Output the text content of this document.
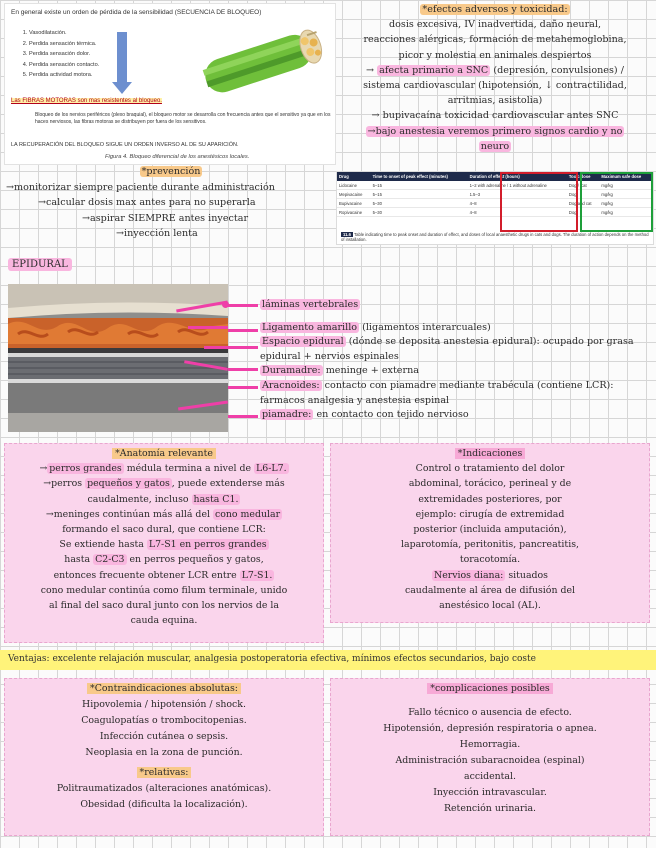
En general existe un orden de pérdida de la sensibilidad (SECUENCIA DE BLOQUEO)
1. Vasodilatación.
2. Perdida sensación térmica.
3. Perdida sensación dolor.
4. Perdida sensación contacto.
5. Perdida actividad motora.
Las FIBRAS MOTORAS son mas resistentes al bloqueo.
Bloqueo de los nervios periféricos (plexo braquial), el bloqueo motor se desarrolla con frecuencia antes que el sensitivo ya que en los haces nerviosos, las fibras motoras se distribuyen por fuera de los sensitivos.
LA RECUPERACIÓN DEL BLOQUEO SIGUE UN ORDEN INVERSO AL DE SU APARICIÓN.
Figura 4. Bloqueo diferencial de los anestésicos locales.
*efectos adversos y toxicidad:
dosis excesiva, IV inadvertida, daño neural,
reacciones alérgicas, formación de metahemoglobina,
picor y molestia en animales despiertos
→ afecta primario a SNC (depresión, convulsiones) /
sistema cardiovascular (hipotensión, ↓ contractilidad,
arritmias, asistolia)
→ bupivacaína toxicidad cardiovascular antes SNC
→bajo anestesia veremos primero signos cardio y no
neuro
*prevención
→monitorizar siempre paciente durante administración
→calcular dosis max antes para no superarla
→aspirar SIEMPRE antes inyectar
→inyección lenta
Drug	Time to onset of peak effect (minutes)	Duration of effect (hours)	Toxic dose	Maximum safe dose
Lidocaine	5–15	1–2 with adrenaline / 1 without adrenaline	Dog / Cat	mg/kg
Mepivacaine	5–15	1.5–3	Dog	mg/kg
Bupivacaine	5–30	4–8	Dog and cat	mg/kg
Ropivacaine	5–30	4–8	Dog	mg/kg
11.6 Table indicating time to peak onset and duration of effect, and doses of local anaesthetic drugs in cats and dogs. The duration of action depends on the method of installation.
EPIDURAL
láminas vertebrales
Ligamento amarillo (ligamentos interarcuales)
Espacio epidural (dónde se deposita anestesia epidural): ocupado por grasa epidural + nervios espinales
Duramadre: meninge + externa
Aracnoides: contacto con piamadre mediante trabécula (contiene LCR): farmacos analgesia y anestesia espinal
piamadre: en contacto con tejido nervioso
*Anatomía relevante
→ perros grandes médula termina a nivel de L6-L7.
→perros pequeños y gatos , puede extenderse más
caudalmente, incluso hasta C1.
→meninges continúan más allá del cono medular
formando el saco dural, que contiene LCR:
Se extiende hasta L7-S1 en perros grandes
hasta C2-C3 en perros pequeños y gatos,
entonces frecuente obtener LCR entre L7-S1.
cono medular continúa como filum terminale, unido
al final del saco dural junto con los nervios de la
cauda equina.
*Indicaciones
Control o tratamiento del dolor
abdominal, torácico, perineal y de
extremidades posteriores, por
ejemplo: cirugía de extremidad
posterior (incluida amputación),
laparotomía, peritonitis, pancreatitis,
toracotomía.
Nervios diana: situados
caudalmente al área de difusión del
anestésico local (AL).
Ventajas: excelente relajación muscular, analgesia postoperatoria efectiva, mínimos efectos secundarios, bajo coste
*Contraindicaciones absolutas:
Hipovolemia / hipotensión / shock.
Coagulopatías o trombocitopenias.
Infección cutánea o sepsis.
Neoplasia en la zona de punción.
*relativas:
Politraumatizados (alteraciones anatómicas).
Obesidad (dificulta la localización).
*complicaciones posibles
Fallo técnico o ausencia de efecto.
Hipotensión, depresión respiratoria o apnea.
Hemorragia.
Administración subaracnoidea (espinal)
accidental.
Inyección intravascular.
Retención urinaria.
